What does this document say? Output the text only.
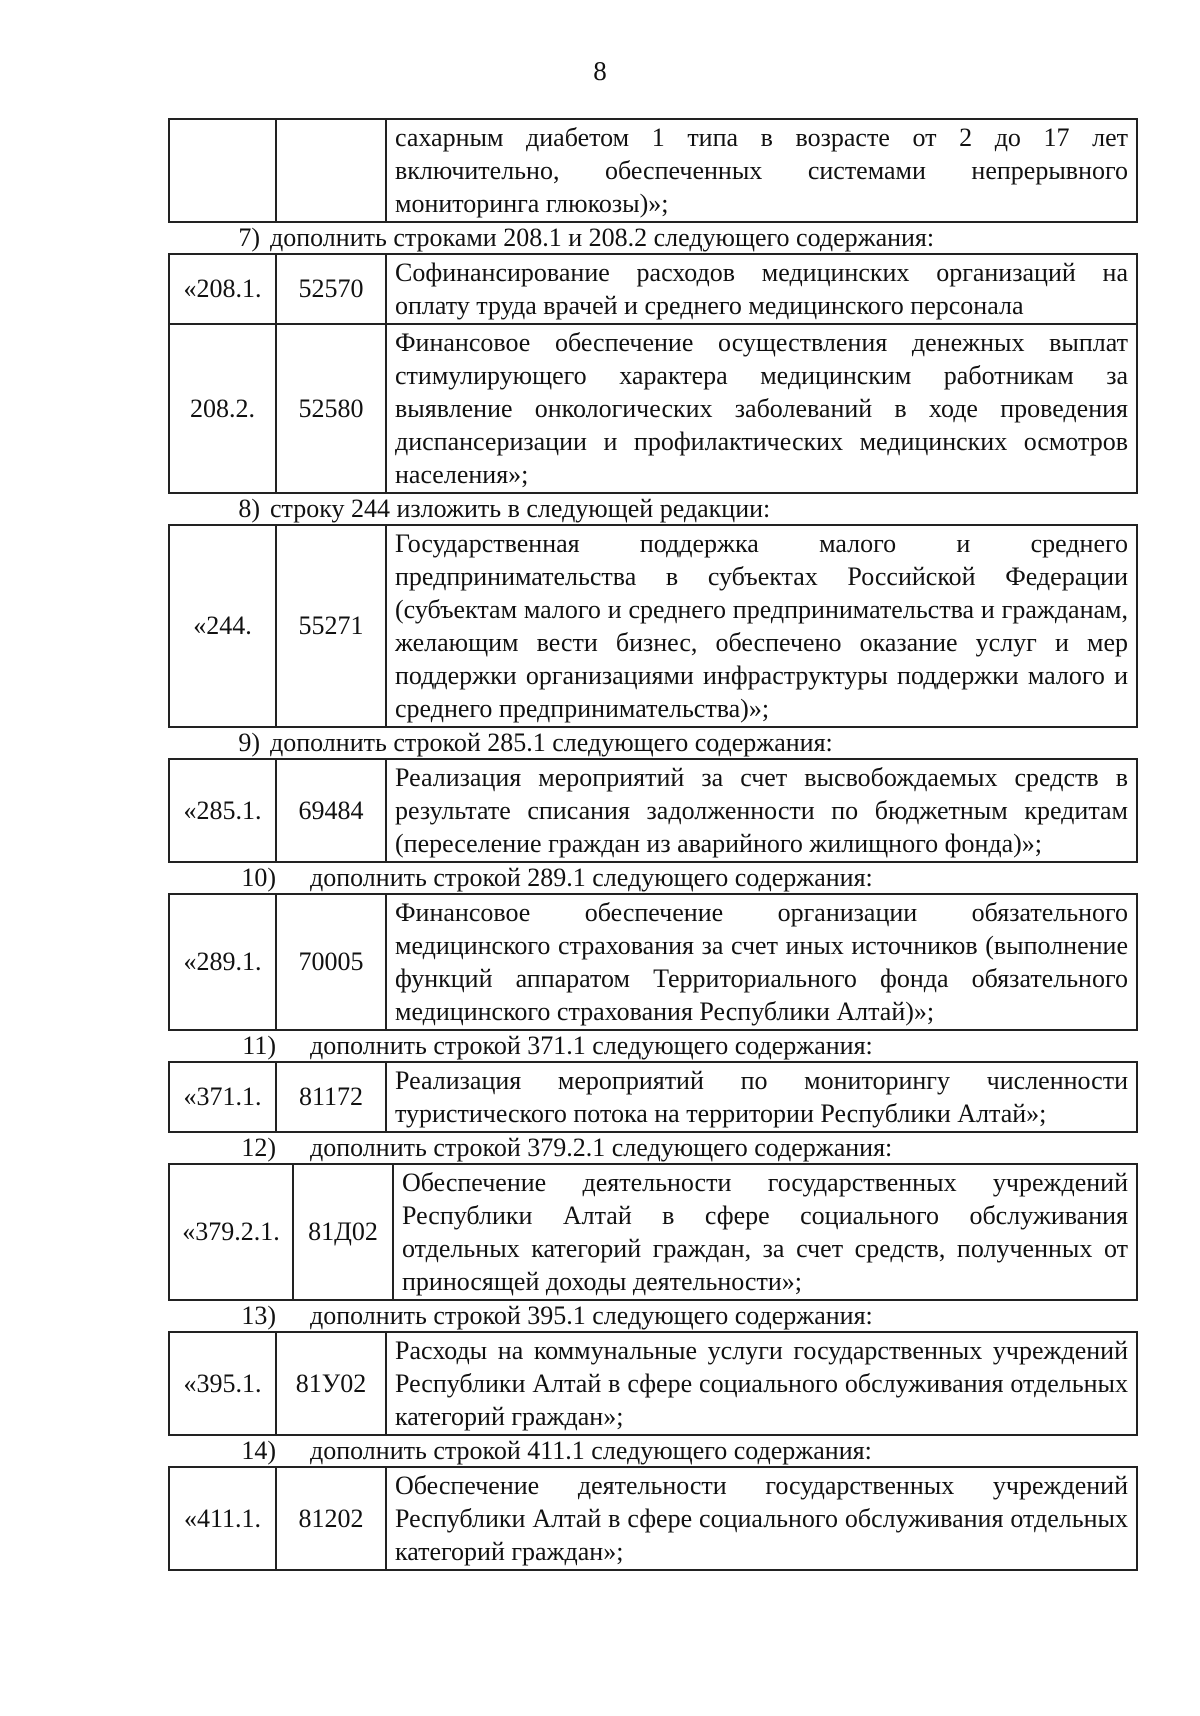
8
		сахарным диабетом 1 типа в возрасте от 2 до 17 лет включительно, обеспеченных системами непрерывного мониторинга глюкозы)»;
7) дополнить строками 208.1 и 208.2 следующего содержания:
«208.1.	52570	Софинансирование расходов медицинских организаций на оплату труда врачей и среднего медицинского персонала
208.2.	52580	Финансовое обеспечение осуществления денежных выплат стимулирующего характера медицинским работникам за выявление онкологических заболеваний в ходе проведения диспансеризации и профилактических медицинских осмотров населения»;
8) строку 244 изложить в следующей редакции:
«244.	55271	Государственная поддержка малого и среднего предпринимательства в субъектах Российской Федерации (субъектам малого и среднего предпринимательства и гражданам, желающим вести бизнес, обеспечено оказание услуг и мер поддержки организациями инфраструктуры поддержки малого и среднего предпринимательства)»;
9) дополнить строкой 285.1 следующего содержания:
«285.1.	69484	Реализация мероприятий за счет высвобождаемых средств в результате списания задолженности по бюджетным кредитам (переселение граждан из аварийного жилищного фонда)»;
10) дополнить строкой 289.1 следующего содержания:
«289.1.	70005	Финансовое обеспечение организации обязательного медицинского страхования за счет иных источников (выполнение функций аппаратом Территориального фонда обязательного медицинского страхования Республики Алтай)»;
11) дополнить строкой 371.1 следующего содержания:
«371.1.	81172	Реализация мероприятий по мониторингу численности туристического потока на территории Республики Алтай»;
12) дополнить строкой 379.2.1 следующего содержания:
«379.2.1.	81Д02	Обеспечение деятельности государственных учреждений Республики Алтай в сфере социального обслуживания отдельных категорий граждан, за счет средств, полученных от приносящей доходы деятельности»;
13) дополнить строкой 395.1 следующего содержания:
«395.1.	81У02	Расходы на коммунальные услуги государственных учреждений Республики Алтай в сфере социального обслуживания отдельных категорий граждан»;
14) дополнить строкой 411.1 следующего содержания:
«411.1.	81202	Обеспечение деятельности государственных учреждений Республики Алтай в сфере социального обслуживания отдельных категорий граждан»;
